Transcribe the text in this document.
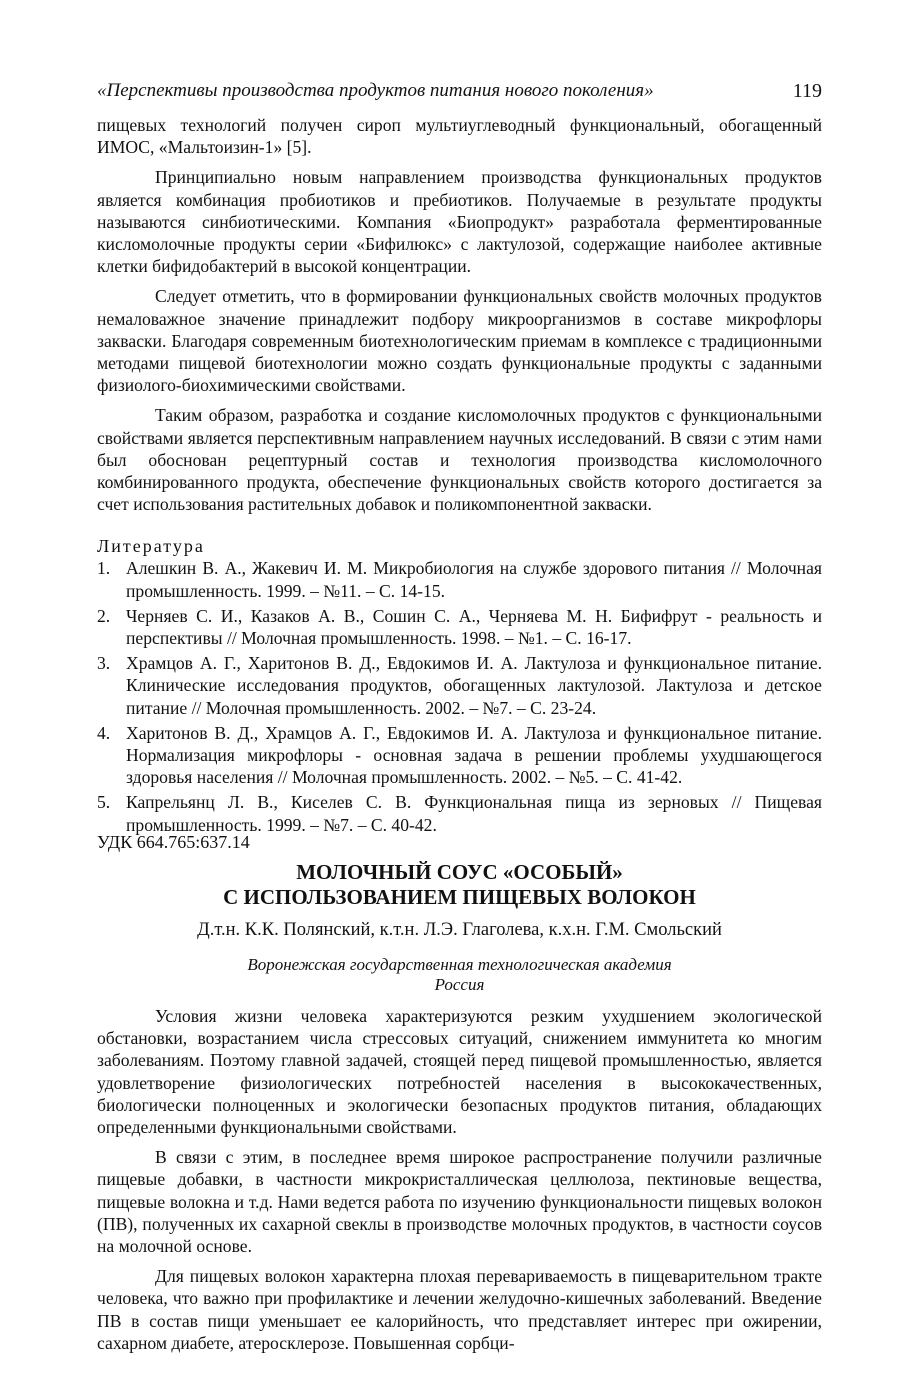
«Перспективы производства продуктов питания нового поколения»	119

пищевых технологий получен сироп мультиуглеводный функциональный, обогащенный ИМОС, «Мальтоизин-1» [5].

Принципиально новым направлением производства функциональных продуктов является комбинация пробиотиков и пребиотиков. Получаемые в результате продукты называются синбиотическими. Компания «Биопродукт» разработала ферментированные кисломолочные продукты серии «Бифилюкс» с лактулозой, содержащие наиболее активные клетки бифидобактерий в высокой концентрации.

Следует отметить, что в формировании функциональных свойств молочных продуктов немаловажное значение принадлежит подбору микроорганизмов в составе микрофлоры закваски. Благодаря современным биотехнологическим приемам в комплексе с традиционными методами пищевой биотехнологии можно создать функциональные продукты с заданными физиолого-биохимическими свойствами.

Таким образом, разработка и создание кисломолочных продуктов с функциональными свойствами является перспективным направлением научных исследований. В связи с этим нами был обоснован рецептурный состав и технология производства кисломолочного комбинированного продукта, обеспечение функциональных свойств которого достигается за счет использования растительных добавок и поликомпонентной закваски.

Литература
1. Алешкин В. А., Жакевич И. М. Микробиология на службе здорового питания // Молочная промышленность. 1999. – №11. – С. 14-15.
2. Черняев С. И., Казаков А. В., Сошин С. А., Черняева М. Н. Бифифрут - реальность и перспективы // Молочная промышленность. 1998. – №1. – С. 16-17.
3. Храмцов А. Г., Харитонов В. Д., Евдокимов И. А. Лактулоза и функциональное питание. Клинические исследования продуктов, обогащенных лактулозой. Лактулоза и детское питание // Молочная промышленность. 2002. – №7. – С. 23-24.
4. Харитонов В. Д., Храмцов А. Г., Евдокимов И. А. Лактулоза и функциональное питание. Нормализация микрофлоры - основная задача в решении проблемы ухудшающегося здоровья населения // Молочная промышленность. 2002. – №5. – С. 41-42.
5. Капрельянц Л. В., Киселев С. В. Функциональная пища из зерновых // Пищевая промышленность. 1999. – №7. – С. 40-42.
УДК 664.765:637.14
МОЛОЧНЫЙ СОУС «ОСОБЫЙ»
С ИСПОЛЬЗОВАНИЕМ ПИЩЕВЫХ ВОЛОКОН
Д.т.н. К.К. Полянский, к.т.н. Л.Э. Глаголева, к.х.н. Г.М. Смольский
Воронежская государственная технологическая академия
Россия

Условия жизни человека характеризуются резким ухудшением экологической обстановки, возрастанием числа стрессовых ситуаций, снижением иммунитета ко многим заболеваниям. Поэтому главной задачей, стоящей перед пищевой промышленностью, является удовлетворение физиологических потребностей населения в высококачественных, биологически полноценных и экологически безопасных продуктов питания, обладающих определенными функциональными свойствами.

В связи с этим, в последнее время широкое распространение получили различные пищевые добавки, в частности микрокристаллическая целлюлоза, пектиновые вещества, пищевые волокна и т.д. Нами ведется работа по изучению функциональности пищевых волокон (ПВ), полученных их сахарной свеклы в производстве молочных продуктов, в частности соусов на молочной основе.

Для пищевых волокон характерна плохая перевариваемость в пищеварительном тракте человека, что важно при профилактике и лечении желудочно-кишечных заболеваний. Введение ПВ в состав пищи уменьшает ее калорийность, что представляет интерес при ожирении, сахарном диабете, атеросклерозе. Повышенная сорбци-
